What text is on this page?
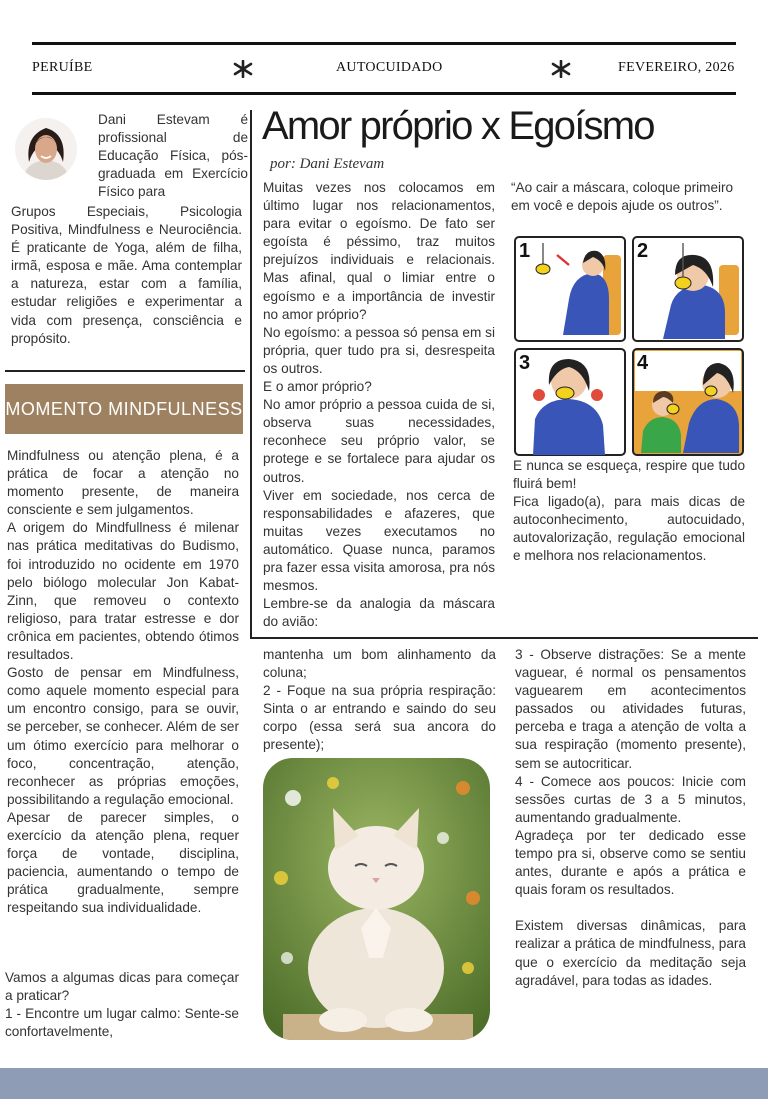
PERUÍBE	AUTOCUIDADO	FEVEREIRO, 2026
Dani Estevam é profissional de Educação Física, pós-graduada em Exercício Físico para
Grupos Especiais, Psicologia Positiva, Mindfulness e Neurociência. É praticante de Yoga, além de filha, irmã, esposa e mãe. Ama contemplar a natureza, estar com a família, estudar religiões e experimentar a vida com presença, consciência e propósito.
MOMENTO MINDFULNESS

Mindfulness ou atenção plena, é a prática de focar a atenção no momento presente, de maneira consciente e sem julgamentos.

A origem do Mindfullness é milenar nas prática meditativas do Budismo, foi introduzido no ocidente em 1970 pelo biólogo molecular Jon Kabat-Zinn, que removeu o contexto religioso, para tratar estresse e dor crônica em pacientes, obtendo ótimos resultados.

Gosto de pensar em Mindfulness, como aquele momento especial para um encontro consigo, para se ouvir, se perceber, se conhecer. Além de ser um ótimo exercício para melhorar o foco, concentração, atenção, reconhecer as próprias emoções, possibilitando a regulação emocional.

Apesar de parecer simples, o exercício da atenção plena, requer força de vontade, disciplina, paciencia, aumentando o tempo de prática gradualmente, sempre respeitando sua individualidade.

Vamos a algumas dicas para começar a praticar?

1 - Encontre um lugar calmo: Sente-se confortavelmente,

Amor próprio x Egoísmo
por: Dani Estevam

Muitas vezes nos colocamos em último lugar nos relacionamentos, para evitar o egoísmo. De fato ser egoísta é péssimo, traz muitos prejuízos individuais e relacionais. Mas afinal, qual o limiar entre o egoísmo e a importância de investir no amor próprio?

No egoísmo: a pessoa só pensa em si própria, quer tudo pra si, desrespeita os outros.

E o amor próprio?

No amor próprio a pessoa cuida de si, observa suas necessidades, reconhece seu próprio valor, se protege e se fortalece para ajudar os outros.

Viver em sociedade, nos cerca de responsabilidades e afazeres, que muitas vezes executamos no automático. Quase nunca, paramos pra fazer essa visita amorosa, pra nós mesmos.

Lembre-se da analogia da máscara do avião:

“Ao cair a máscara, coloque primeiro em você e depois ajude os outros”.
1	2
3	4

E nunca se esqueça, respire que tudo fluirá bem!

Fica ligado(a), para mais dicas de autoconhecimento, autocuidado, autovalorização, regulação emocional e melhora nos relacionamentos.

mantenha um bom alinhamento da coluna;

2 - Foque na sua própria respiração: Sinta o ar entrando e saindo do seu corpo (essa será sua ancora do presente);

3 - Observe distrações: Se a mente vaguear, é normal os pensamentos vaguearem em acontecimentos passados ou atividades futuras, perceba e traga a atenção de volta a sua respiração (momento presente), sem se autocriticar.

4 - Comece aos poucos: Inicie com sessões curtas de 3 a 5 minutos, aumentando gradualmente.

Agradeça por ter dedicado esse tempo pra si, observe como se sentiu antes, durante e após a prática e quais foram os resultados.

Existem diversas dinâmicas, para realizar a prática de mindfulness, para que o exercício da meditação seja agradável, para todas as idades.
